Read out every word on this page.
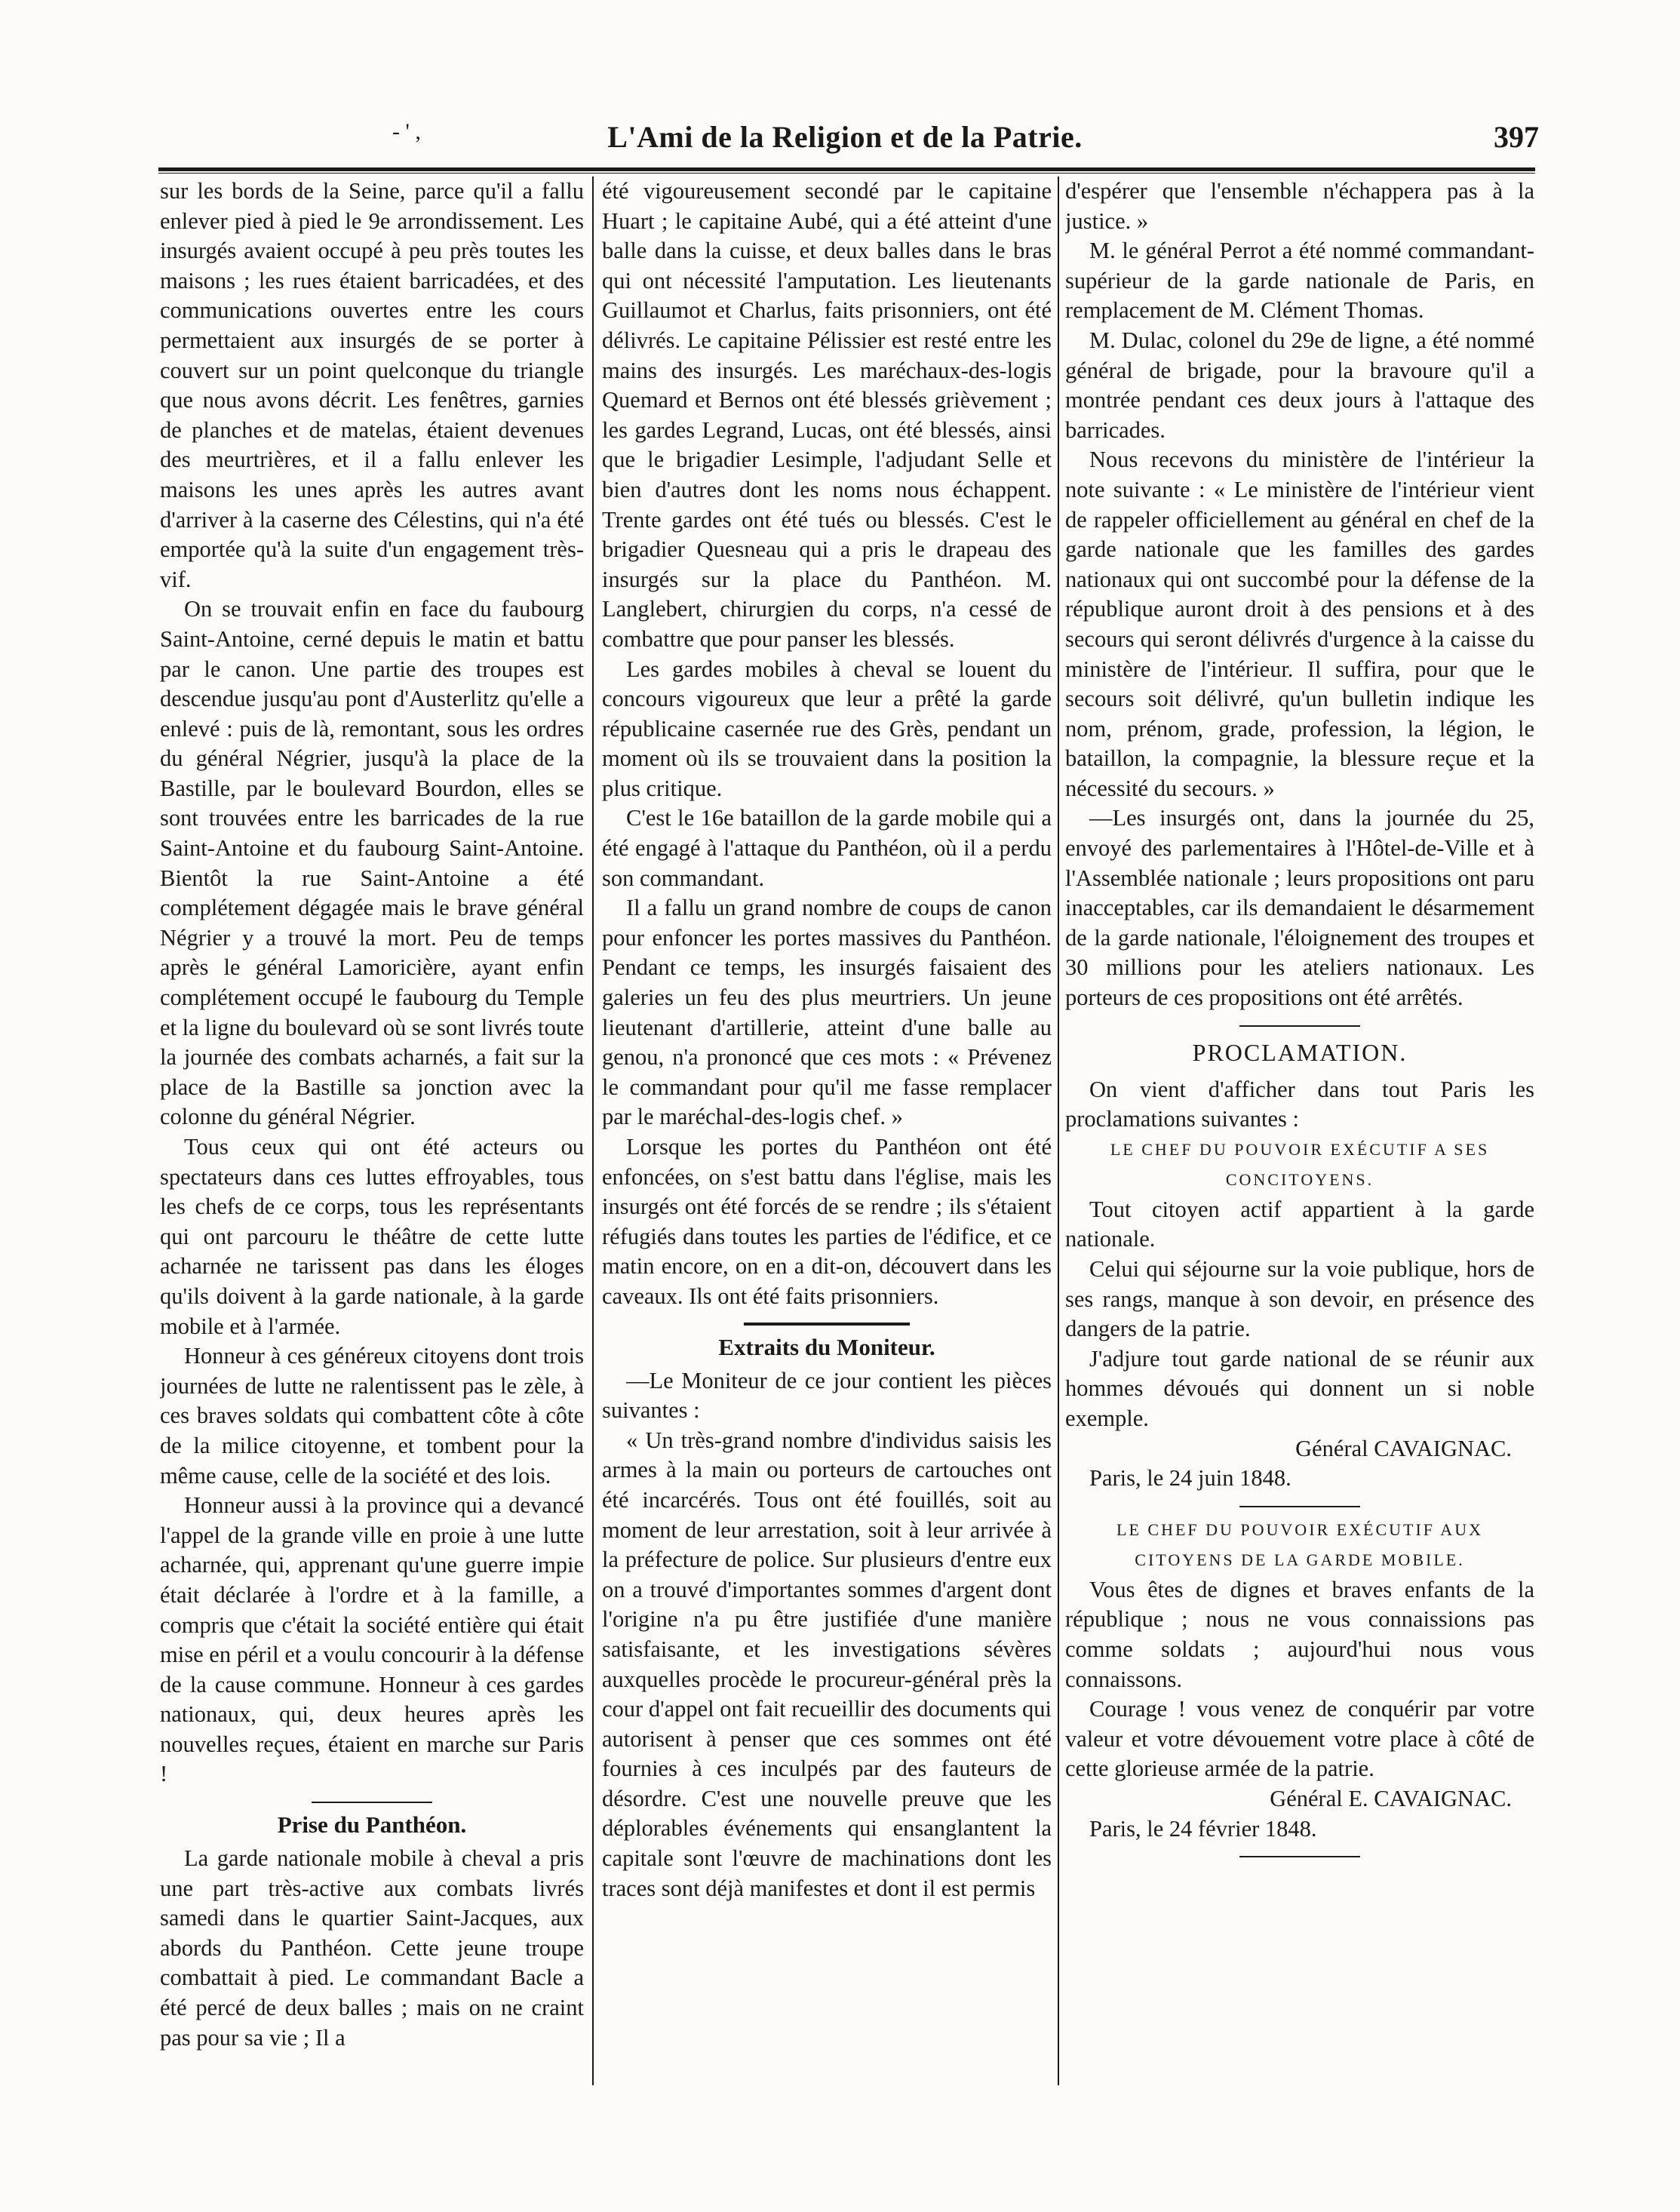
- ' ,	L'Ami de la Religion et de la Patrie.	397

sur les bords de la Seine, parce qu'il a fallu enlever pied à pied le 9e arrondissement. Les insurgés avaient occupé à peu près toutes les maisons ; les rues étaient barricadées, et des communications ouvertes entre les cours permettaient aux insurgés de se porter à couvert sur un point quelconque du triangle que nous avons décrit. Les fenêtres, garnies de planches et de matelas, étaient devenues des meurtrières, et il a fallu enlever les maisons les unes après les autres avant d'arriver à la caserne des Célestins, qui n'a été emportée qu'à la suite d'un engagement très-vif.

On se trouvait enfin en face du faubourg Saint-Antoine, cerné depuis le matin et battu par le canon. Une partie des troupes est descendue jusqu'au pont d'Austerlitz qu'elle a enlevé : puis de là, remontant, sous les ordres du général Négrier, jusqu'à la place de la Bastille, par le boulevard Bourdon, elles se sont trouvées entre les barricades de la rue Saint-Antoine et du faubourg Saint-Antoine. Bientôt la rue Saint-Antoine a été complétement dégagée mais le brave général Négrier y a trouvé la mort. Peu de temps après le général Lamoricière, ayant enfin complétement occupé le faubourg du Temple et la ligne du boulevard où se sont livrés toute la journée des combats acharnés, a fait sur la place de la Bastille sa jonction avec la colonne du général Négrier.

Tous ceux qui ont été acteurs ou spectateurs dans ces luttes effroyables, tous les chefs de ce corps, tous les représentants qui ont parcouru le théâtre de cette lutte acharnée ne tarissent pas dans les éloges qu'ils doivent à la garde nationale, à la garde mobile et à l'armée.

Honneur à ces généreux citoyens dont trois journées de lutte ne ralentissent pas le zèle, à ces braves soldats qui combattent côte à côte de la milice citoyenne, et tombent pour la même cause, celle de la société et des lois.

Honneur aussi à la province qui a devancé l'appel de la grande ville en proie à une lutte acharnée, qui, apprenant qu'une guerre impie était déclarée à l'ordre et à la famille, a compris que c'était la société entière qui était mise en péril et a voulu concourir à la défense de la cause commune. Honneur à ces gardes nationaux, qui, deux heures après les nouvelles reçues, étaient en marche sur Paris !

Prise du Panthéon.

La garde nationale mobile à cheval a pris une part très-active aux combats livrés samedi dans le quartier Saint-Jacques, aux abords du Panthéon. Cette jeune troupe combattait à pied. Le commandant Bacle a été percé de deux balles ; mais on ne craint pas pour sa vie ; Il a

été vigoureusement secondé par le capitaine Huart ; le capitaine Aubé, qui a été atteint d'une balle dans la cuisse, et deux balles dans le bras qui ont nécessité l'amputation. Les lieutenants Guillaumot et Charlus, faits prisonniers, ont été délivrés. Le capitaine Pélissier est resté entre les mains des insurgés. Les maréchaux-des-logis Quemard et Bernos ont été blessés grièvement ; les gardes Legrand, Lucas, ont été blessés, ainsi que le brigadier Lesimple, l'adjudant Selle et bien d'autres dont les noms nous échappent. Trente gardes ont été tués ou blessés. C'est le brigadier Quesneau qui a pris le drapeau des insurgés sur la place du Panthéon. M. Langlebert, chirurgien du corps, n'a cessé de combattre que pour panser les blessés.

Les gardes mobiles à cheval se louent du concours vigoureux que leur a prêté la garde républicaine casernée rue des Grès, pendant un moment où ils se trouvaient dans la position la plus critique.

C'est le 16e bataillon de la garde mobile qui a été engagé à l'attaque du Panthéon, où il a perdu son commandant.

Il a fallu un grand nombre de coups de canon pour enfoncer les portes massives du Panthéon. Pendant ce temps, les insurgés faisaient des galeries un feu des plus meurtriers. Un jeune lieutenant d'artillerie, atteint d'une balle au genou, n'a prononcé que ces mots : « Prévenez le commandant pour qu'il me fasse remplacer par le maréchal-des-logis chef. »

Lorsque les portes du Panthéon ont été enfoncées, on s'est battu dans l'église, mais les insurgés ont été forcés de se rendre ; ils s'étaient réfugiés dans toutes les parties de l'édifice, et ce matin encore, on en a dit-on, découvert dans les caveaux. Ils ont été faits prisonniers.

Extraits du Moniteur.

—Le Moniteur de ce jour contient les pièces suivantes :

« Un très-grand nombre d'individus saisis les armes à la main ou porteurs de cartouches ont été incarcérés. Tous ont été fouillés, soit au moment de leur arrestation, soit à leur arrivée à la préfecture de police. Sur plusieurs d'entre eux on a trouvé d'importantes sommes d'argent dont l'origine n'a pu être justifiée d'une manière satisfaisante, et les investigations sévères auxquelles procède le procureur-général près la cour d'appel ont fait recueillir des documents qui autorisent à penser que ces sommes ont été fournies à ces inculpés par des fauteurs de désordre. C'est une nouvelle preuve que les déplorables événements qui ensanglantent la capitale sont l'œuvre de machinations dont les traces sont déjà manifestes et dont il est permis

d'espérer que l'ensemble n'échappera pas à la justice. »

M. le général Perrot a été nommé commandant-supérieur de la garde nationale de Paris, en remplacement de M. Clément Thomas.

M. Dulac, colonel du 29e de ligne, a été nommé général de brigade, pour la bravoure qu'il a montrée pendant ces deux jours à l'attaque des barricades.

Nous recevons du ministère de l'intérieur la note suivante : « Le ministère de l'intérieur vient de rappeler officiellement au général en chef de la garde nationale que les familles des gardes nationaux qui ont succombé pour la défense de la république auront droit à des pensions et à des secours qui seront délivrés d'urgence à la caisse du ministère de l'intérieur. Il suffira, pour que le secours soit délivré, qu'un bulletin indique les nom, prénom, grade, profession, la légion, le bataillon, la compagnie, la blessure reçue et la nécessité du secours. »

—Les insurgés ont, dans la journée du 25, envoyé des parlementaires à l'Hôtel-de-Ville et à l'Assemblée nationale ; leurs propositions ont paru inacceptables, car ils demandaient le désarmement de la garde nationale, l'éloignement des troupes et 30 millions pour les ateliers nationaux. Les porteurs de ces propositions ont été arrêtés.

PROCLAMATION.

On vient d'afficher dans tout Paris les proclamations suivantes :

LE CHEF DU POUVOIR EXÉCUTIF A SES

CONCITOYENS.

Tout citoyen actif appartient à la garde nationale.

Celui qui séjourne sur la voie publique, hors de ses rangs, manque à son devoir, en présence des dangers de la patrie.

J'adjure tout garde national de se réunir aux hommes dévoués qui donnent un si noble exemple.

Général CAVAIGNAC.

Paris, le 24 juin 1848.

LE CHEF DU POUVOIR EXÉCUTIF AUX

CITOYENS DE LA GARDE MOBILE.

Vous êtes de dignes et braves enfants de la république ; nous ne vous connaissions pas comme soldats ; aujourd'hui nous vous connaissons.

Courage ! vous venez de conquérir par votre valeur et votre dévouement votre place à côté de cette glorieuse armée de la patrie.

Général E. CAVAIGNAC.

Paris, le 24 février 1848.
